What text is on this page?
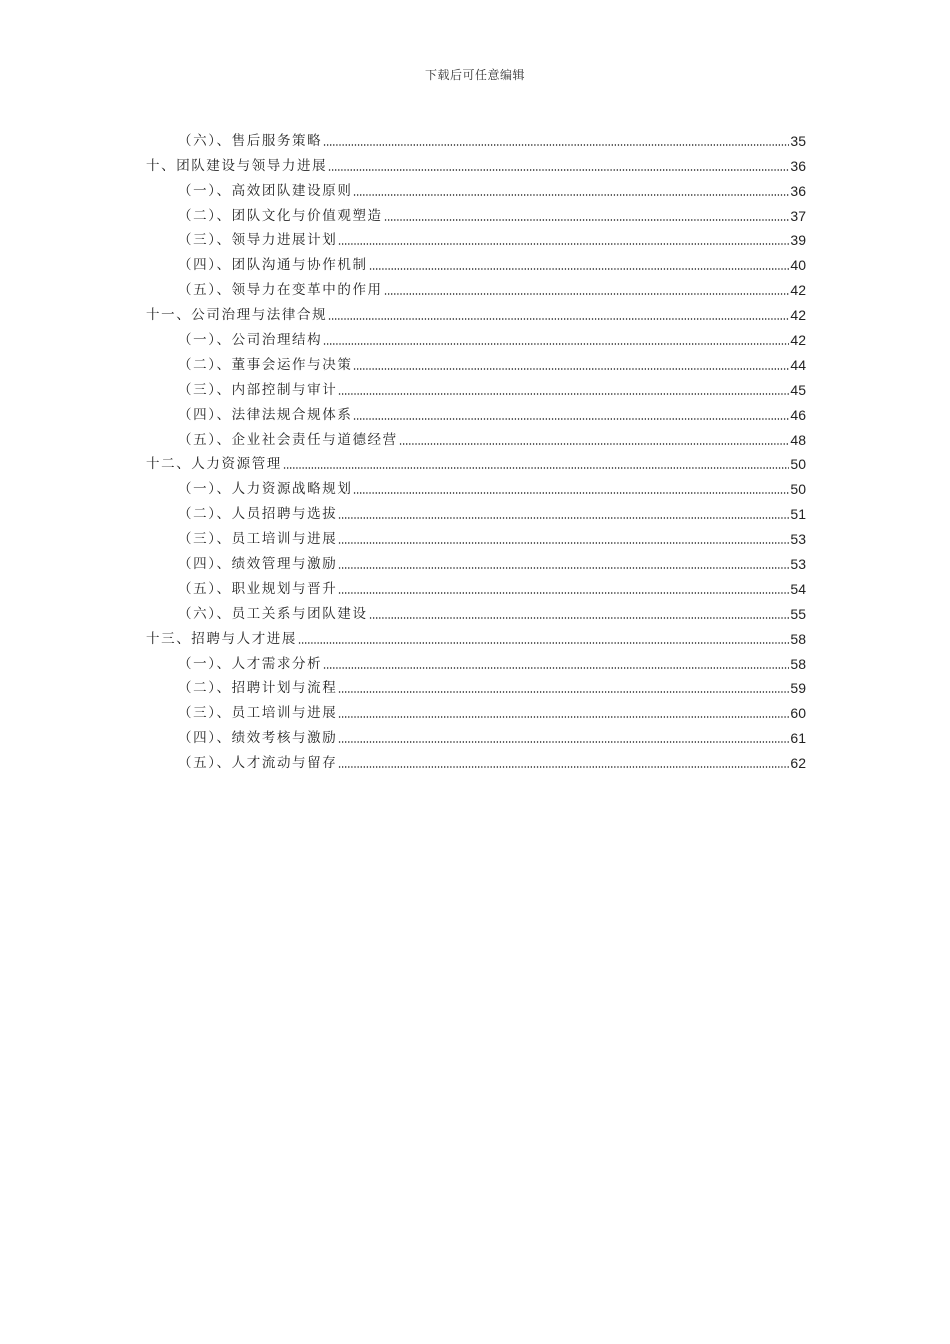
下载后可任意编辑
（六）、售后服务策略	35
十、团队建设与领导力进展	36
（一）、高效团队建设原则	36
（二）、团队文化与价值观塑造	37
（三）、领导力进展计划	39
（四）、团队沟通与协作机制	40
（五）、领导力在变革中的作用	42
十一、公司治理与法律合规	42
（一）、公司治理结构	42
（二）、董事会运作与决策	44
（三）、内部控制与审计	45
（四）、法律法规合规体系	46
（五）、企业社会责任与道德经营	48
十二、人力资源管理	50
（一）、人力资源战略规划	50
（二）、人员招聘与选拔	51
（三）、员工培训与进展	53
（四）、绩效管理与激励	53
（五）、职业规划与晋升	54
（六）、员工关系与团队建设	55
十三、招聘与人才进展	58
（一）、人才需求分析	58
（二）、招聘计划与流程	59
（三）、员工培训与进展	60
（四）、绩效考核与激励	61
（五）、人才流动与留存	62
